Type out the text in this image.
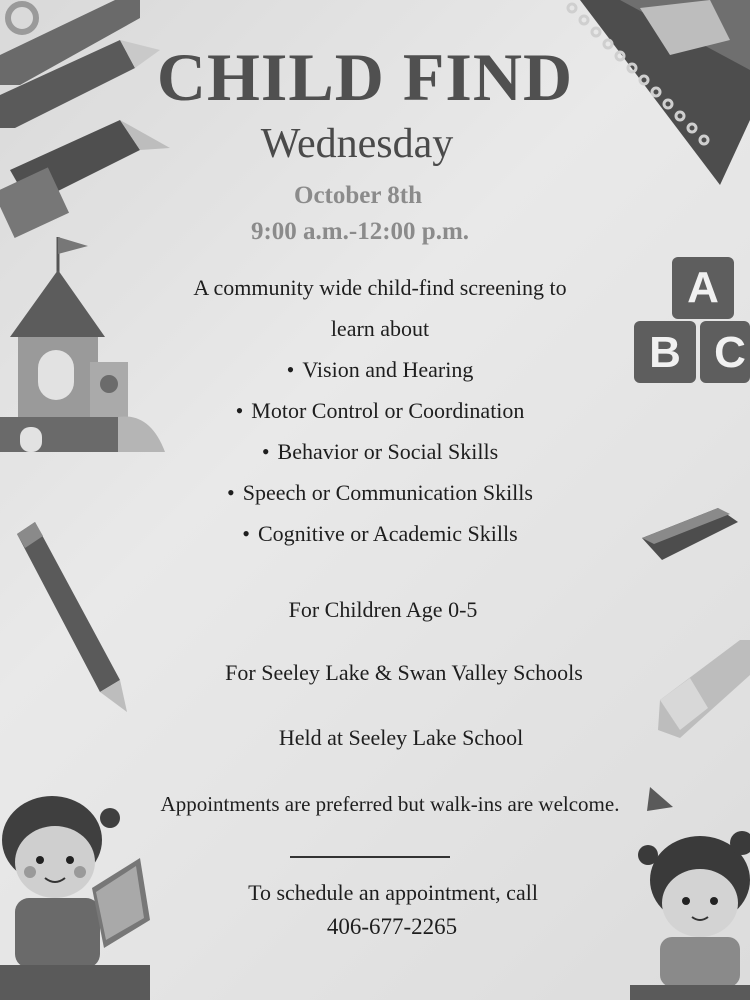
A
B C
CHILD FIND
Wednesday
October 8th
9:00 a.m.-12:00 p.m.
A community wide child-find screening to
learn about
• Vision and Hearing
• Motor Control or Coordination
• Behavior or Social Skills
• Speech or Communication Skills
• Cognitive or Academic Skills
For Children Age 0-5
For Seeley Lake & Swan Valley Schools
Held at Seeley Lake School
Appointments are preferred but walk-ins are welcome.
To schedule an appointment, call
406-677-2265
